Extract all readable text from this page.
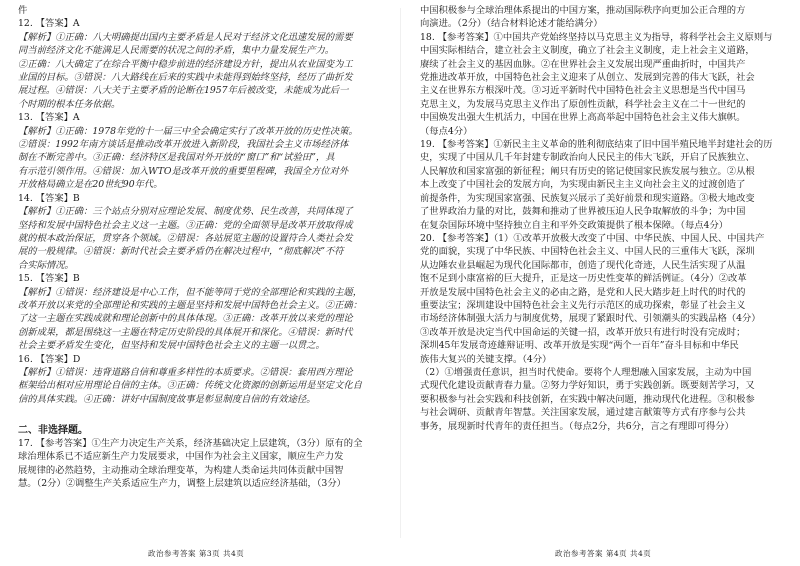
件
12. 【答案】A
【解析】①正确：八大明确提出国内主要矛盾是人民对于经济文化迅速发展的需要
同当前经济文化不能满足人民需要的状况之间的矛盾，集中力量发展生产力。
②正确：八大确定了在综合平衡中稳步前进的经济建设方针，提出从农业国变为工
业国的目标。③错误：八大路线在后来的实践中未能得到始终坚持，经历了曲折发
展过程。④错误：八大关于主要矛盾的论断在1957年后被改变，未能成为此后一
个时期的根本任务依据。
13. 【答案】A
【解析】①正确：1978年党的十一届三中全会确定实行了改革开放的历史性决策。
②错误：1992年南方谈话是推动改革开放进入新阶段，我国社会主义市场经济体
制在不断完善中。③正确：经济特区是我国对外开放的“窗口”和“试验田”，具
有示范引领作用。④错误：加入WTO是改革开放的重要里程碑，我国全方位对外
开放格局确立是在20世纪90年代。
14. 【答案】B
【解析】①正确：三个站点分别对应理论发展、制度优势、民生改善，共同体现了
坚持和发展中国特色社会主义这一主题。③正确：党的全面领导是改革开放取得成
就的根本政治保证，贯穿各个领域。②错误：各站展览主题的设置符合人类社会发
展的一般规律。④错误：新时代社会主要矛盾仍在解决过程中，“彻底解决”不符
合实际情况。
15. 【答案】B
【解析】①错误：经济建设是中心工作，但不能等同于党的全部理论和实践的主题，
改革开放以来党的全部理论和实践的主题是坚持和发展中国特色社会主义。②正确：
了这一主题在实践成就和理论创新中的具体体现。③正确：改革开放以来党的理论
创新成果，都是围绕这一主题在特定历史阶段的具体展开和深化。④错误：新时代
社会主要矛盾发生变化，但坚持和发展中国特色社会主义的主题一以贯之。
16. 【答案】D
【解析】①错误：违背道路自信和尊重多样性的本质要求。②错误：套用西方理论
框架给出相对应用理论自信的主体。③正确：传统文化资源的创新运用是坚定文化自
信的具体实践。④正确：讲好中国制度故事是彰显制度自信的有效途径。

二、非选择题。
17. 【参考答案】①生产力决定生产关系，经济基础决定上层建筑，（3分）原有的全
球治理体系已不适应新生产力发展要求，中国作为社会主义国家，顺应生产力发
展规律的必然趋势，主动推动全球治理变革，为构建人类命运共同体贡献中国智
慧。（2分）②调整生产关系适应生产力，调整上层建筑以适应经济基础，（3分）
中国积极参与全球治理体系提出的中国方案，推动国际秩序向更加公正合理的方
向演进。（2分）（结合材料论述才能给满分）
18. 【参考答案】①中国共产党始终坚持以马克思主义为指导，将科学社会主义原则与
中国实际相结合，建立社会主义制度，确立了社会主义制度，走上社会主义道路，
赓续了社会主义的基因血脉。②在世界社会主义发展出现严重曲折时，中国共产
党推进改革开放，中国特色社会主义迎来了从创立、发展到完善的伟大飞跃，社会
主义在世界东方根深叶茂。③习近平新时代中国特色社会主义思想是当代中国马
克思主义，为发展马克思主义作出了原创性贡献，科学社会主义在二十一世纪的
中国焕发出强大生机活力，中国在世界上高高举起中国特色社会主义伟大旗帜。
（每点4分）
19. 【参考答案】①新民主主义革命的胜利彻底结束了旧中国半殖民地半封建社会的历
史，实现了中国从几千年封建专制政治向人民民主的伟大飞跃，开启了民族独立、
人民解放和国家富强的新征程；阐只有历史的铭记使国家民族发展与独立。②从根
本上改变了中国社会的发展方向，为实现由新民主主义向社会主义的过渡创造了
前提条件，为实现国家富强、民族复兴展示了美好前景和现实道路。③极大地改变
了世界政治力量的对比，鼓舞和推动了世界被压迫人民争取解放的斗争；为中国
在复杂国际环境中坚持独立自主和平外交政策提供了根本保障。（每点4分）
20. 【参考答案】（1）①改革开放极大改变了中国、中华民族、中国人民、中国共产
党的面貌，实现了中华民族、中国特色社会主义、中国人民的三重伟大飞跃，深圳
从边陲农业县崛起为现代化国际都市，创造了现代化奇迹，人民生活实现了从温
饱不足到小康富裕的巨大提升，正是这一历史性变革的鲜活例证。（4分）②改革
开放是发展中国特色社会主义的必由之路，是党和人民大踏步赶上时代的时代的
重要法宝；深圳建设中国特色社会主义先行示范区的成功探索，彰显了社会主义
市场经济体制强大活力与制度优势，展现了紧跟时代、引领潮头的实践品格（4分）
③改革开放是决定当代中国命运的关键一招，改革开放只有进行时没有完成时；
深圳45年发展奇迹雄辩证明、改革开放是实现“两个一百年”奋斗目标和中华民
族伟大复兴的关键支撑。（4分）
（2）①增强责任意识，担当时代使命。要将个人理想融入国家发展，主动为中国
式现代化建设贡献青春力量。②努力学好知识，勇于实践创新。既要刻苦学习，又
要积极参与社会实践和科技创新，在实践中解决问题，推动现代化进程。③积极参
与社会调研、贡献青年智慧。关注国家发展，通过建言献策等方式有序参与公共
事务，展现新时代青年的责任担当。（每点2分，共6分，言之有理即可得分）
政治参考答案 第3页 共4页	政治参考答案 第4页 共4页
